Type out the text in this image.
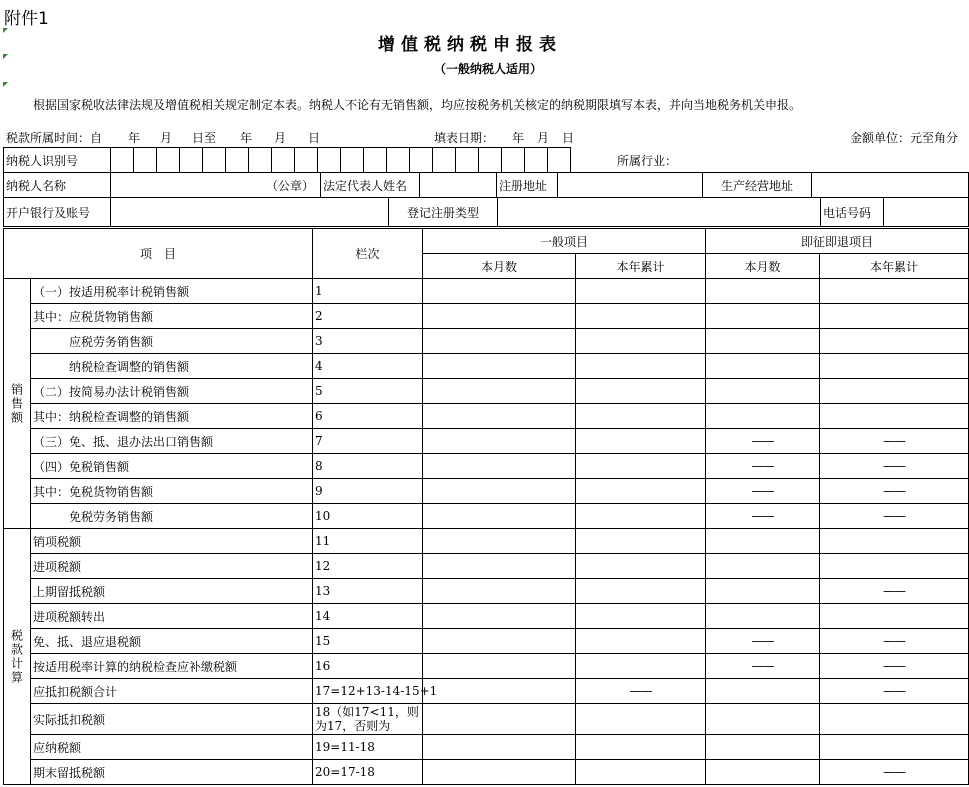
附件1
增值税纳税申报表
（一般纳税人适用）
根据国家税收法律法规及增值税相关规定制定本表。纳税人不论有无销售额，均应按税务机关核定的纳税期限填写本表，并向当地税务机关申报。
税款所属时间：自 年 月 日至 年 月 日	填表日期： 年 月 日	金额单位：元至角分
纳税人识别号																					所属行业：
纳税人名称	（公章）	法定代表人姓名		注册地址		生产经营地址	
开户银行及账号		登记注册类型		电话号码	
项　目		栏次	一般项目		即征即退项目	
			本月数	本年累计	本月数	本年累计
销售额	（一）按适用税率计税销售额	1				
	其中：应税货物销售额	2				
	　　　应税劳务销售额	3				
	　　　纳税检查调整的销售额	4				
	（二）按简易办法计税销售额	5				
	其中：纳税检查调整的销售额	6				
	（三）免、抵、退办法出口销售额	7			——	——
	（四）免税销售额	8			——	——
	其中：免税货物销售额	9			——	——
	　　　免税劳务销售额	10			——	——
税款计算	销项税额	11				
	进项税额	12				
	上期留抵税额	13				——
	进项税额转出	14				
	免、抵、退应退税额	15			——	——
	按适用税率计算的纳税检查应补缴税额	16			——	——
	应抵扣税额合计	17=12+13-14-15+1		——		——
	实际抵扣税额	18（如17<11，则为17，否则为				
	应纳税额	19=11-18				
	期末留抵税额	20=17-18				——
